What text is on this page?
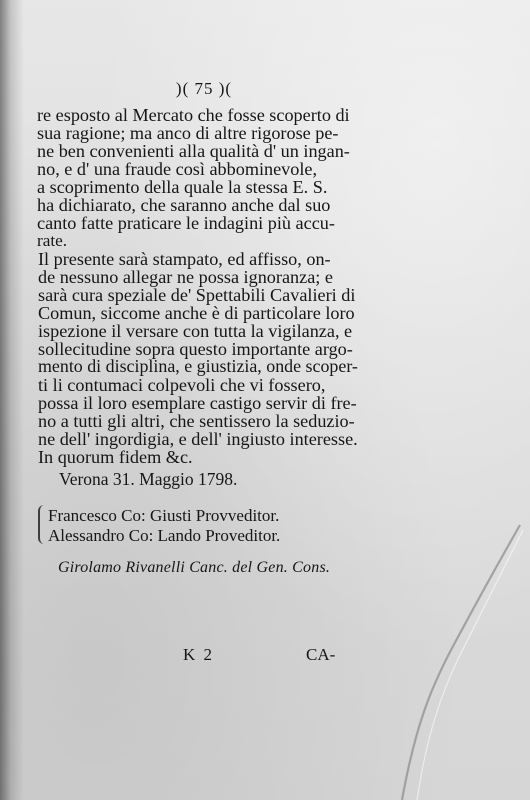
)( 75 )(
re esposto al Mercato che fosse scoperto di
sua ragione; ma anco di altre rigorose pe-
ne ben convenienti alla qualità d' un ingan-
no, e d' una fraude così abbominevole,
a scoprimento della quale la stessa E. S.
ha dichiarato, che saranno anche dal suo
canto fatte praticare le indagini più accu-
rate.
Il presente sarà stampato, ed affisso, on-
de nessuno allegar ne possa ignoranza; e
sarà cura speziale de' Spettabili Cavalieri di
Comun, siccome anche è di particolare loro
ispezione il versare con tutta la vigilanza, e
sollecitudine sopra questo importante argo-
mento di disciplina, e giustizia, onde scoper-
ti li contumaci colpevoli che vi fossero,
possa il loro esemplare castigo servir di fre-
no a tutti gli altri, che sentissero la seduzio-
ne dell' ingordigia, e dell' ingiusto interesse.
In quorum fidem &c.
Verona 31. Maggio 1798.
Francesco Co: Giusti Provveditor.
Alessandro Co: Lando Proveditor.
Girolamo Rivanelli Canc. del Gen. Cons.
K 2	CA-
